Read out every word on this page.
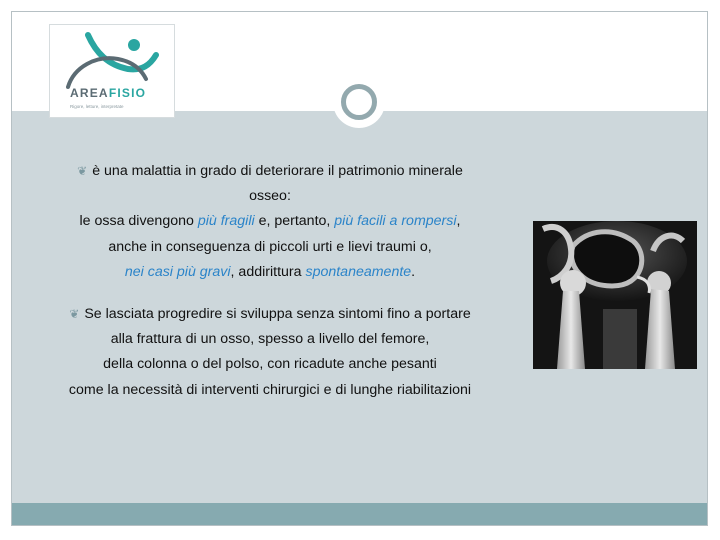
AREAFISIO
Rigore, letture, interpretate
❦ è una malattia in grado di deteriorare il patrimonio minerale
osseo:
le ossa divengono più fragili e, pertanto, più facili a rompersi,
anche in conseguenza di piccoli urti e lievi traumi o,
nei casi più gravi, addirittura spontaneamente.
❦ Se lasciata progredire si sviluppa senza sintomi fino a portare
alla frattura di un osso, spesso a livello del femore,
della colonna o del polso, con ricadute anche pesanti
come la necessità di interventi chirurgici e di lunghe riabilitazioni
